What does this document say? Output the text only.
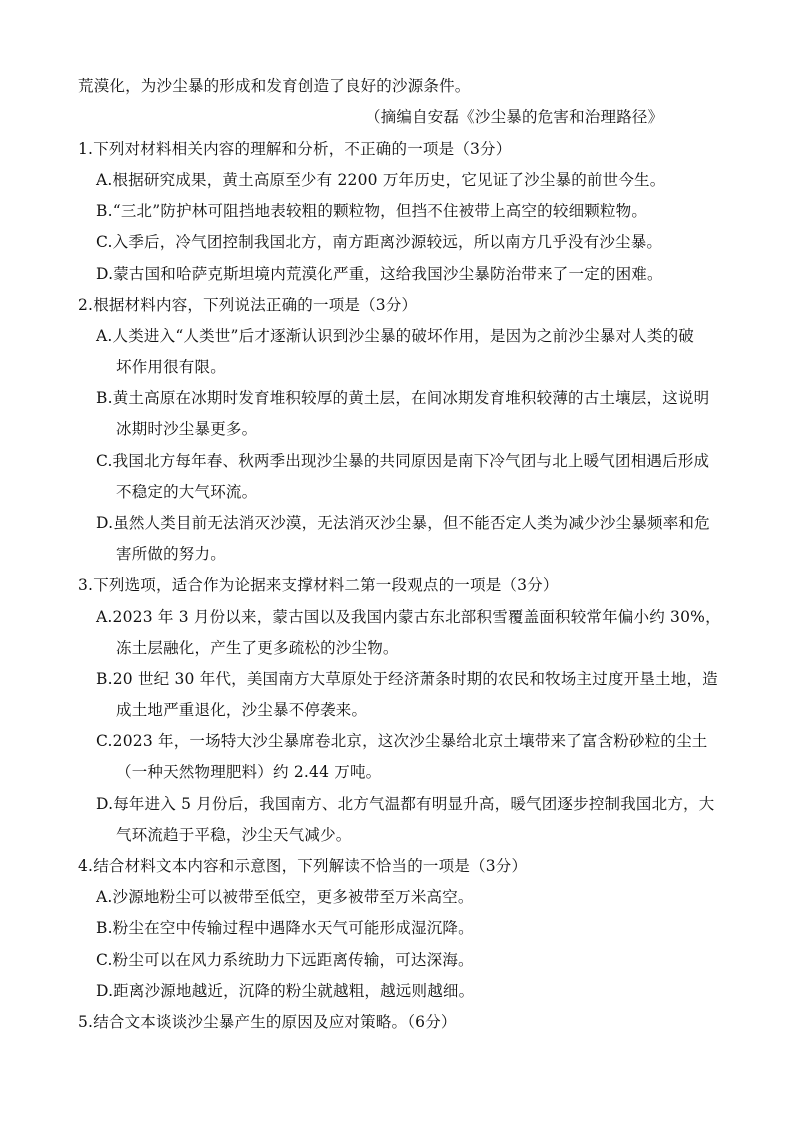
荒漠化，为沙尘暴的形成和发育创造了良好的沙源条件。
（摘编自安磊《沙尘暴的危害和治理路径》
1.下列对材料相关内容的理解和分析，不正确的一项是（3分）
A.根据研究成果，黄土高原至少有 2200 万年历史，它见证了沙尘暴的前世今生。
B.“三北”防护林可阻挡地表较粗的颗粒物，但挡不住被带上高空的较细颗粒物。
C.入季后，冷气团控制我国北方，南方距离沙源较远，所以南方几乎没有沙尘暴。
D.蒙古国和哈萨克斯坦境内荒漠化严重，这给我国沙尘暴防治带来了一定的困难。
2.根据材料内容，下列说法正确的一项是（3分）
A.人类进入“人类世”后才逐渐认识到沙尘暴的破坏作用，是因为之前沙尘暴对人类的破
坏作用很有限。
B.黄土高原在冰期时发育堆积较厚的黄土层，在间冰期发育堆积较薄的古土壤层，这说明
冰期时沙尘暴更多。
C.我国北方每年春、秋两季出现沙尘暴的共同原因是南下冷气团与北上暖气团相遇后形成
不稳定的大气环流。
D.虽然人类目前无法消灭沙漠，无法消灭沙尘暴，但不能否定人类为减少沙尘暴频率和危
害所做的努力。
3.下列选项，适合作为论据来支撑材料二第一段观点的一项是（3分）
A.2023 年 3 月份以来，蒙古国以及我国内蒙古东北部积雪覆盖面积较常年偏小约 30%，
冻土层融化，产生了更多疏松的沙尘物。
B.20 世纪 30 年代，美国南方大草原处于经济萧条时期的农民和牧场主过度开垦土地，造
成土地严重退化，沙尘暴不停袭来。
C.2023 年，一场特大沙尘暴席卷北京，这次沙尘暴给北京土壤带来了富含粉砂粒的尘土
（一种天然物理肥料）约 2.44 万吨。
D.每年进入 5 月份后，我国南方、北方气温都有明显升高，暖气团逐步控制我国北方，大
气环流趋于平稳，沙尘天气减少。
4.结合材料文本内容和示意图，下列解读不恰当的一项是（3分）
A.沙源地粉尘可以被带至低空，更多被带至万米高空。
B.粉尘在空中传输过程中遇降水天气可能形成湿沉降。
C.粉尘可以在风力系统助力下远距离传输，可达深海。
D.距离沙源地越近，沉降的粉尘就越粗，越远则越细。
5.结合文本谈谈沙尘暴产生的原因及应对策略。（6分）
